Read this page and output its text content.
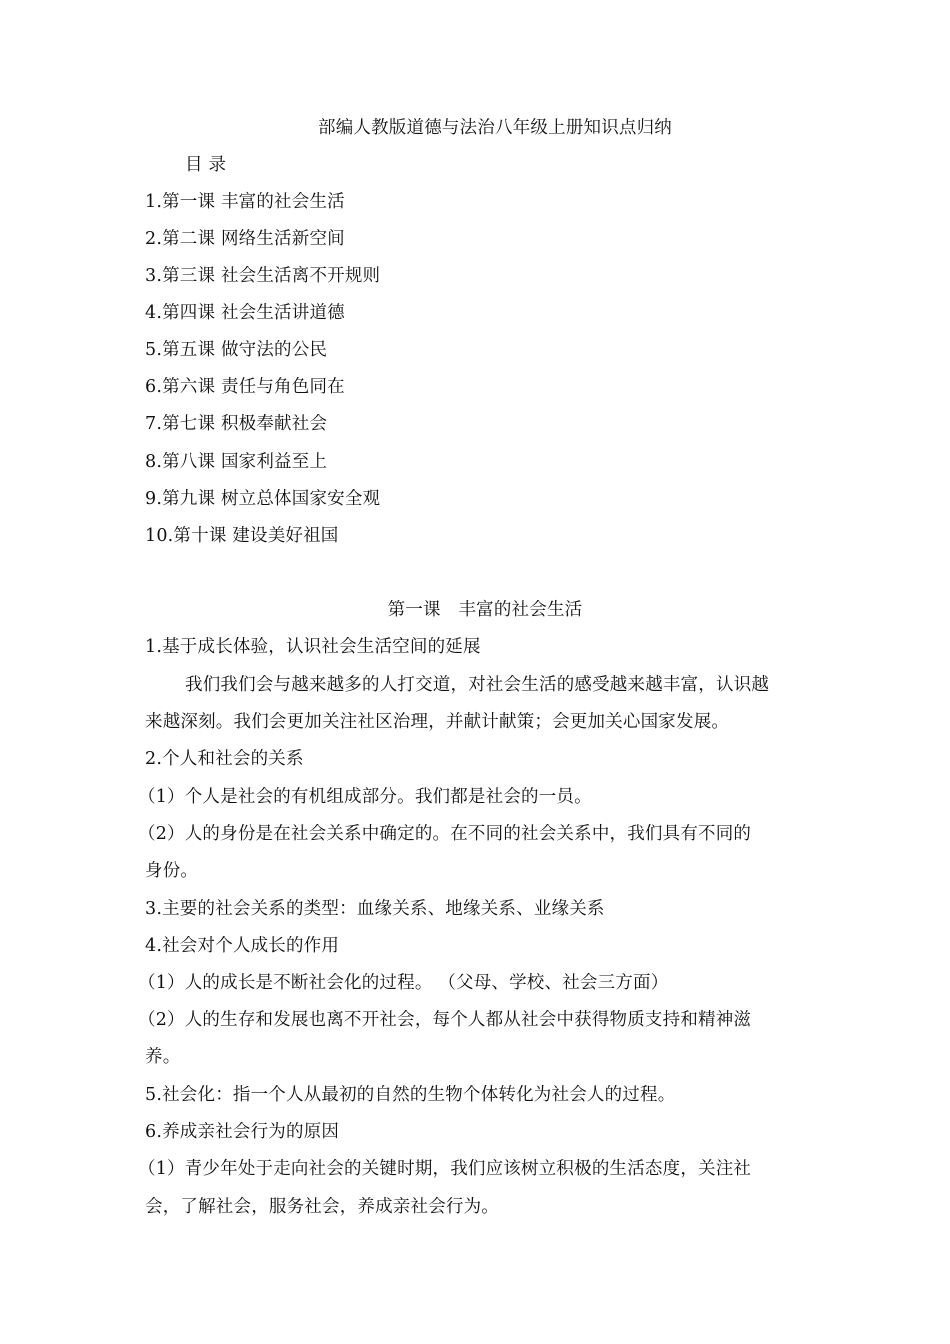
部编人教版道德与法治八年级上册知识点归纳
目 录
1.第一课 丰富的社会生活
2.第二课 网络生活新空间
3.第三课 社会生活离不开规则
4.第四课 社会生活讲道德
5.第五课 做守法的公民
6.第六课 责任与角色同在
7.第七课 积极奉献社会
8.第八课 国家利益至上
9.第九课 树立总体国家安全观
10.第十课 建设美好祖国
第一课　丰富的社会生活
1.基于成长体验，认识社会生活空间的延展
我们我们会与越来越多的人打交道，对社会生活的感受越来越丰富，认识越
来越深刻。我们会更加关注社区治理，并献计献策；会更加关心国家发展。
2.个人和社会的关系
（1）个人是社会的有机组成部分。我们都是社会的一员。
（2）人的身份是在社会关系中确定的。在不同的社会关系中，我们具有不同的
身份。
3.主要的社会关系的类型：血缘关系、地缘关系、业缘关系
4.社会对个人成长的作用
（1）人的成长是不断社会化的过程。 （父母、学校、社会三方面）
（2）人的生存和发展也离不开社会，每个人都从社会中获得物质支持和精神滋
养。
5.社会化：指一个人从最初的自然的生物个体转化为社会人的过程。
6.养成亲社会行为的原因
（1）青少年处于走向社会的关键时期，我们应该树立积极的生活态度，关注社
会，了解社会，服务社会，养成亲社会行为。
